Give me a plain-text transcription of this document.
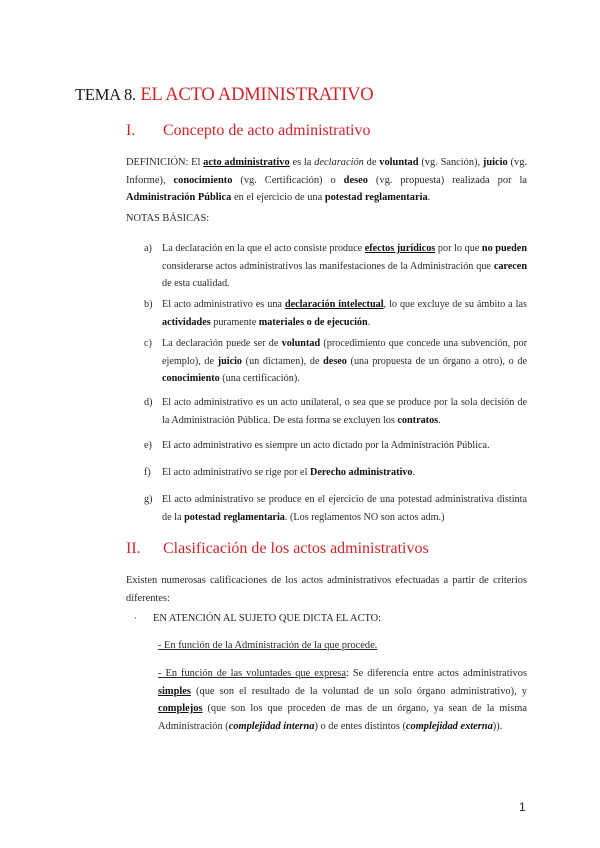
TEMA 8. EL ACTO ADMINISTRATIVO
I. Concepto de acto administrativo
DEFINICIÓN: El acto administrativo es la declaración de voluntad (vg. Sanción), juicio (vg. Informe), conocimiento (vg. Certificación) o deseo (vg. propuesta) realizada por la Administración Pública en el ejercicio de una potestad reglamentaria.
NOTAS BÁSICAS:
a) La declaración en la que el acto consiste produce efectos jurídicos por lo que no pueden considerarse actos administrativos las manifestaciones de la Administración que carecen de esta cualidad.
b) El acto administrativo es una declaración intelectual, lo que excluye de su ámbito a las actividades puramente materiales o de ejecución.
c) La declaración puede ser de voluntad (procedimiento que concede una subvención, por ejemplo), de juicio (un dictamen), de deseo (una propuesta de un órgano a otro), o de conocimiento (una certificación).
d) El acto administrativo es un acto unilateral, o sea que se produce por la sola decisión de la Administración Pública. De esta forma se excluyen los contratos.
e) El acto administrativo es siempre un acto dictado por la Administración Pública.
f) El acto administrativo se rige por el Derecho administrativo.
g) El acto administrativo se produce en el ejercicio de una potestad administrativa distinta de la potestad reglamentaria. (Los reglamentos NO son actos adm.)
II. Clasificación de los actos administrativos
Existen numerosas calificaciones de los actos administrativos efectuadas a partir de criterios diferentes:
· EN ATENCIÓN AL SUJETO QUE DICTA EL ACTO:
- En función de la Administración de la que procede.
- En función de las voluntades que expresa: Se diferencia entre actos administrativos simples (que son el resultado de la voluntad de un solo órgano administrativo), y complejos (que son los que proceden de mas de un órgano, ya sean de la misma Administración (complejidad interna) o de entes distintos (complejidad externa)).
1
